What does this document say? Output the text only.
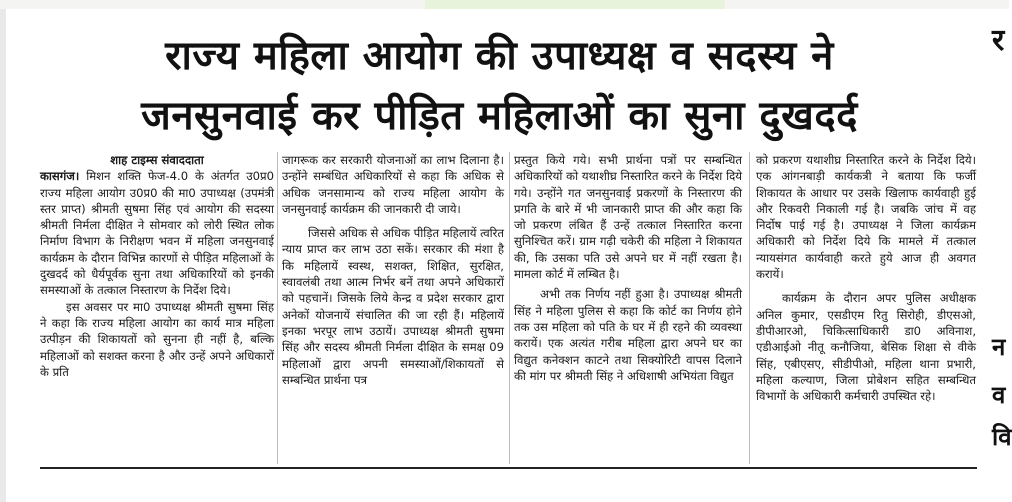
राज्य महिला आयोग की उपाध्यक्ष व सदस्य ने
जनसुनवाई कर पीड़ित महिलाओं का सुना दुखदर्द

शाह टाइम्स संवाददाता

कासगंज। मिशन शक्ति फेज-4.0 के अंतर्गत उ0प्र0 राज्य महिला आयोग उ0प्र0 की मा0 उपाध्यक्ष (उपमंत्री स्तर प्राप्त) श्रीमती सुषमा सिंह एवं आयोग की सदस्या श्रीमती निर्मला दीक्षित ने सोमवार को लोरी स्थित लोक निर्माण विभाग के निरीक्षण भवन में महिला जनसुनवाई कार्यक्रम के दौरान विभिन्न कारणों से पीड़ित महिलाओं के दुखदर्द को धैर्यपूर्वक सुना तथा अधिकारियों को इनकी समस्याओं के तत्काल निस्तारण के निर्देश दिये।

इस अवसर पर मा0 उपाध्यक्ष श्रीमती सुषमा सिंह ने कहा कि राज्य महिला आयोग का कार्य मात्र महिला उत्पीड़न की शिकायतों को सुनना ही नहीं है, बल्कि महिलाओं को सशक्त करना है और उन्हें अपने अधिकारों के प्रति

जागरूक कर सरकारी योजनाओं का लाभ दिलाना है। उन्होंने सम्बंधित अधिकारियों से कहा कि अधिक से अधिक जनसामान्य को राज्य महिला आयोग के जनसुनवाई कार्यक्रम की जानकारी दी जाये।

जिससे अधिक से अधिक पीड़ित महिलायें त्वरित न्याय प्राप्त कर लाभ उठा सकें। सरकार की मंशा है कि महिलायें स्वस्थ, सशक्त, शिक्षित, सुरक्षित, स्वावलंबी तथा आत्म निर्भर बनें तथा अपने अधिकारों को पहचानें। जिसके लिये केन्द्र व प्रदेश सरकार द्वारा अनेकों योजनायें संचालित की जा रही हैं। महिलायें इनका भरपूर लाभ उठायें। उपाध्यक्ष श्रीमती सुषमा सिंह और सदस्य श्रीमती निर्मला दीक्षित के समक्ष 09 महिलाओं द्वारा अपनी समस्याओं/शिकायतों से सम्बन्धित प्रार्थना पत्र

प्रस्तुत किये गये। सभी प्रार्थना पत्रों पर सम्बन्धित अधिकारियों को यथाशीघ्र निस्तारित करने के निर्देश दिये गये। उन्होंने गत जनसुनवाई प्रकरणों के निस्तारण की प्रगति के बारे में भी जानकारी प्राप्त की और कहा कि जो प्रकरण लंबित हैं उन्हें तत्काल निस्तारित करना सुनिश्चित करें। ग्राम गढ़ी चकेरी की महिला ने शिकायत की, कि उसका पति उसे अपने घर में नहीं रखता है। मामला कोर्ट में लम्बित है।

अभी तक निर्णय नहीं हुआ है। उपाध्यक्ष श्रीमती सिंह ने महिला पुलिस से कहा कि कोर्ट का निर्णय होने तक उस महिला को पति के घर में ही रहने की व्यवस्था करायें। एक अत्यंत गरीब महिला द्वारा अपने घर का विद्युत कनेक्शन काटने तथा सिक्योरिटी वापस दिलाने की मांग पर श्रीमती सिंह ने अधिशाषी अभियंता विद्युत

को प्रकरण यथाशीघ्र निस्तारित करने के निर्देश दिये। एक आंगनबाड़ी कार्यकत्री ने बताया कि फर्जी शिकायत के आधार पर उसके खिलाफ कार्यवाही हुई और रिकवरी निकाली गई है। जबकि जांच में वह निर्दोष पाई गई है। उपाध्यक्ष ने जिला कार्यक्रम अधिकारी को निर्देश दिये कि मामले में तत्काल न्यायसंगत कार्यवाही करते हुये आज ही अवगत करायें।

कार्यक्रम के दौरान अपर पुलिस अधीक्षक अनिल कुमार, एसडीएम रितु सिरोही, डीएसओ, डीपीआरओ, चिकित्साधिकारी डा0 अविनाश, एडीआईओ नीतू कनौजिया, बेसिक शिक्षा से वीके सिंह, एबीएसए, सीडीपीओ, महिला थाना प्रभारी, महिला कल्याण, जिला प्रोबेशन सहित सम्बन्धित विभागों के अधिकारी कर्मचारी उपस्थित रहे।

र
न
व
वि
